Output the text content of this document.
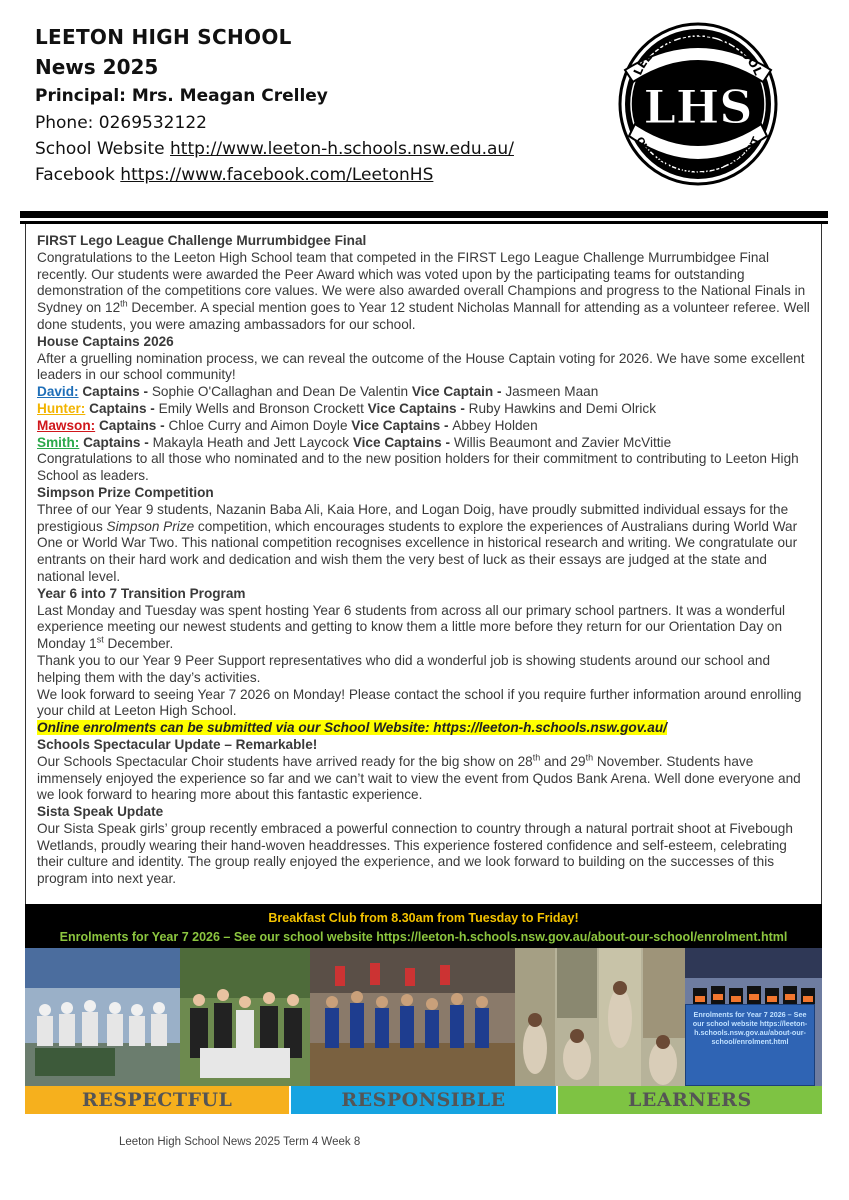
LEETON HIGH SCHOOL
News 2025
Principal: Mrs. Meagan Crelley
Phone: 0269532122
School Website http://www.leeton-h.schools.nsw.edu.au/
Facebook https://www.facebook.com/LeetonHS
LEETON HIGH SCHOOL
QUI NON PROFICIT, DEFICIT
LHS

FIRST Lego League Challenge Murrumbidgee Final

Congratulations to the Leeton High School team that competed in the FIRST Lego League Challenge Murrumbidgee Final recently. Our students were awarded the Peer Award which was voted upon by the participating teams for outstanding demonstration of the competitions core values. We were also awarded overall Champions and progress to the National Finals in Sydney on 12th December. A special mention goes to Year 12 student Nicholas Mannall for attending as a volunteer referee. Well done students, you were amazing ambassadors for our school.

House Captains 2026

After a gruelling nomination process, we can reveal the outcome of the House Captain voting for 2026. We have some excellent leaders in our school community!

David: Captains - Sophie O'Callaghan and Dean De Valentin Vice Captain - Jasmeen Maan

Hunter: Captains - Emily Wells and Bronson Crockett Vice Captains - Ruby Hawkins and Demi Olrick

Mawson: Captains - Chloe Curry and Aimon Doyle Vice Captains - Abbey Holden

Smith: Captains - Makayla Heath and Jett Laycock Vice Captains - Willis Beaumont and Zavier McVittie

Congratulations to all those who nominated and to the new position holders for their commitment to contributing to Leeton High School as leaders.

Simpson Prize Competition

Three of our Year 9 students, Nazanin Baba Ali, Kaia Hore, and Logan Doig, have proudly submitted individual essays for the prestigious Simpson Prize competition, which encourages students to explore the experiences of Australians during World War One or World War Two. This national competition recognises excellence in historical research and writing. We congratulate our entrants on their hard work and dedication and wish them the very best of luck as their essays are judged at the state and national level.

Year 6 into 7 Transition Program

Last Monday and Tuesday was spent hosting Year 6 students from across all our primary school partners. It was a wonderful experience meeting our newest students and getting to know them a little more before they return for our Orientation Day on Monday 1st December.

Thank you to our Year 9 Peer Support representatives who did a wonderful job is showing students around our school and helping them with the day’s activities.

We look forward to seeing Year 7 2026 on Monday! Please contact the school if you require further information around enrolling your child at Leeton High School.

Online enrolments can be submitted via our School Website: https://leeton-h.schools.nsw.gov.au/

Schools Spectacular Update – Remarkable!

Our Schools Spectacular Choir students have arrived ready for the big show on 28th and 29th November. Students have immensely enjoyed the experience so far and we can’t wait to view the event from Qudos Bank Arena. Well done everyone and we look forward to hearing more about this fantastic experience.

Sista Speak Update

Our Sista Speak girls’ group recently embraced a powerful connection to country through a natural portrait shoot at Fivebough Wetlands, proudly wearing their hand-woven headdresses. This experience fostered confidence and self-esteem, celebrating their culture and identity. The group really enjoyed the experience, and we look forward to building on the successes of this program into next year.

Breakfast Club from 8.30am from Tuesday to Friday!
Enrolments for Year 7 2026 – See our school website https://leeton-h.schools.nsw.gov.au/about-our-school/enrolment.html
Enrolments for Year 7 2026 – See our school website https://leeton-h.schools.nsw.gov.au/about-our-school/enrolment.html
RESPECTFUL	RESPONSIBLE	LEARNERS
Leeton High School News 2025 Term 4 Week 8
